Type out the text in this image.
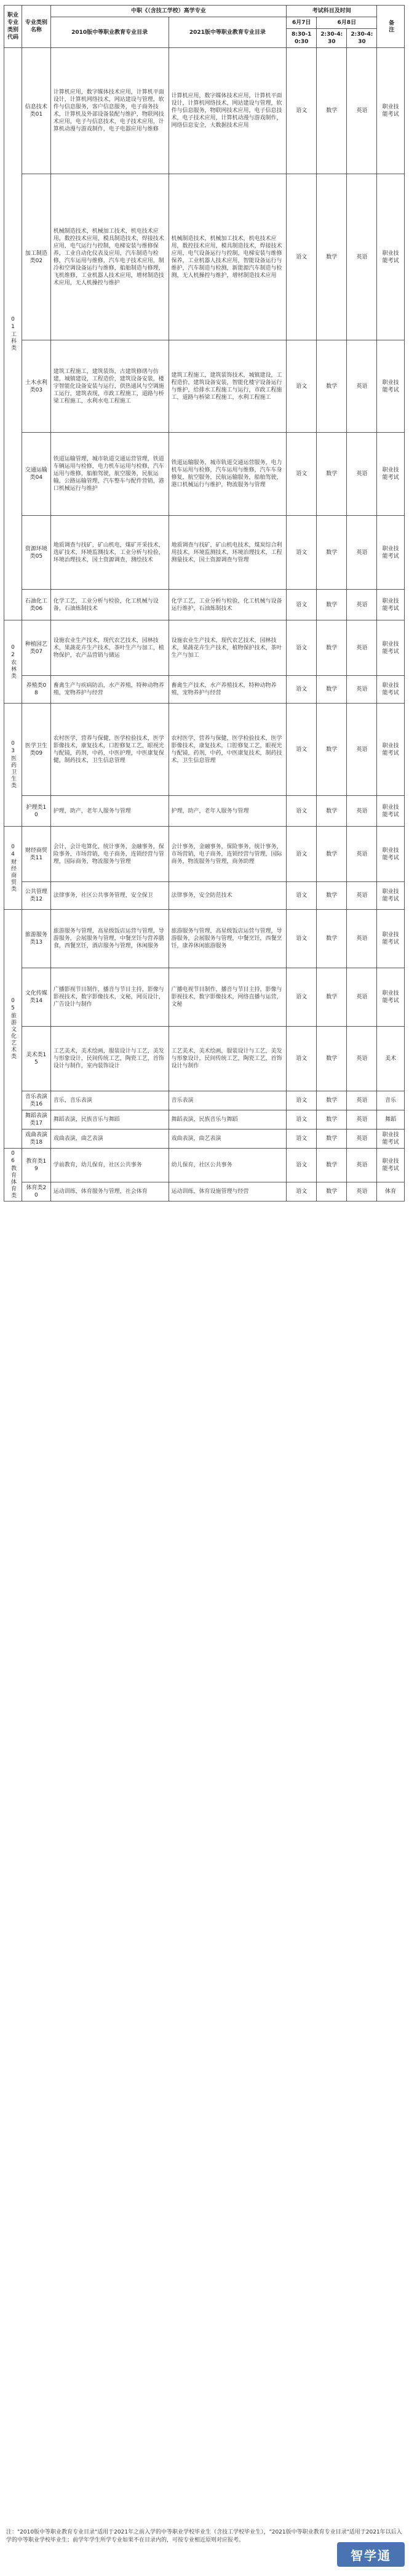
职业专业类别代码	专业类别名称	中职《（含技工学校）高学专业		考试科目及时间			备注

		2010版中等职业教育专业目录	2021版中等职业教育专业目录	6月7日	6月8日		
				8:30-10:30	2:30-4:30	2:30-4:30	

01工科类	信息技术类01	计算机应用，数字媒体技术应用，计算机平面设计，计算机网络技术，网站建设与管理，软件与信息服务，客户信息服务，电子商务技术，计算机及外部设备装配与维护，物联网技术应用，电子与信息技术，电子技术应用，计算机动漫与游戏制作，电子电器应用与维修	计算机应用，数字媒体技术应用，计算机平面设计，计算机网络技术，网站建设与管理，软件与信息服务，物联网技术应用，电子信息技术，电子技术应用，计算机动漫与游戏制作，网络信息安全，大数据技术应用	语文	数学	英语	职业技能考试
	加工制造类02	机械制造技术，机械加工技术，机电技术应用，数控技术应用，模具制造技术，焊接技术应用，电气运行与控制，电梯安装与维修保养，工业自动化仪表及应用，汽车制造与检修，汽车运用与维修，汽车电子技术应用，制冷和空调设备运行与维修，船舶制造与修理，飞机维修，工业机器人技术应用，增材制造技术应用，无人机操控与维护	机械制造技术，机械加工技术，机电技术应用，数控技术应用，模具制造技术，焊接技术应用，电气设备运行与控制，电梯安装与维修保养，工业机器人技术应用，智能设备运行与维护，汽车制造与检测，新能源汽车制造与检测，无人机操控与维护，增材制造技术应用	语文	数学	英语	职业技能考试
	土木水利类03	建筑工程施工，建筑装饰，古建筑修缮与仿建，城镇建设，工程造价，建筑设备安装，楼宇智能化设备安装与运行，供热通风与空调施工运行，建筑表现，市政工程施工，道路与桥梁工程施工，水利水电工程施工	建筑工程施工，建筑装饰技术，城镇建设，工程造价，建筑设备安装，智能化楼宇设备运行与维护，给排水工程施工与运行，市政工程施工，道路与桥梁工程施工，水利工程施工	语文	数学	英语	职业技能考试
	交通运输类04	铁道运输管理，城市轨道交通运营管理，铁道车辆运用与检修，电力机车运用与检修，汽车运用与维修，船舶驾驶，航空服务，民航运输，公路运输管理，汽车整车与配件营销，港口机械运行与维护	铁道运输服务，城市轨道交通运营服务，电力机车运用与检修，汽车运用与维修，汽车车身修复，航空服务，民航运输服务，船舶驾驶，港口机械运行与维护，物流服务与管理	语文	数学	英语	职业技能考试
	资源环境类05	地质调查与找矿，矿山机电，煤矿开采技术，选矿技术，环境监测技术，工业分析与检验，环境治理技术，国土资源调查，测绘技术	地质调查与找矿，矿山机电技术，煤炭综合利用技术，环境监测技术，环境治理技术，工程测量技术，国土资源调查与管理	语文	数学	英语	职业技能考试
	石油化工类06	化学工艺，工业分析与检验，化工机械与设备，石油炼制技术	化学工艺，工业分析与检验，化工机械与设备运行维护，石油炼制技术	语文	数学	英语	职业技能考试

02农林类	种植园艺类07	设施农业生产技术，现代农艺技术，园林技术，果蔬花卉生产技术，茶叶生产与加工，植物保护，农产品营销与储运	设施农业生产技术，现代农艺技术，园林技术，果蔬花卉生产技术，植物保护技术，茶叶生产与加工	语文	数学	英语	职业技能考试
	养殖类08	畜禽生产与疾病防治，水产养殖，特种动物养殖，宠物养护与经营	畜禽生产技术，水产养殖技术，特种动物养殖，宠物养护与经营	语文	数学	英语	职业技能考试

03医药卫生类	医学卫生类09	农村医学，营养与保健，医学检验技术，医学影像技术，康复技术，口腔修复工艺，眼视光与配镜，药剂，中药，中医护理，中医康复保健，制药技术，卫生信息管理	农村医学，营养与保健，医学检验技术，医学影像技术，康复技术，口腔修复工艺，眼视光与配镜，药剂，中药，中医康复技术，制药技术，卫生信息管理	语文	数学	英语	职业技能考试
	护理类10	护理，助产，老年人服务与管理	护理，助产，老年人服务与管理	语文	数学	英语	职业技能考试

04财经商贸类	财经商贸类11	会计，会计电算化，统计事务，金融事务，保险事务，市场营销，电子商务，连锁经营与管理，国际商务，物流服务与管理	会计事务，金融事务，保险事务，统计事务，市场营销，电子商务，连锁经营与管理，国际商务，物流服务与管理，商务助理	语文	数学	英语	职业技能考试
	公共管理类12	法律事务，社区公共事务管理，安全保卫	法律事务，安全防范技术	语文	数学	英语	职业技能考试

05旅游文化艺术类	旅游服务类13	旅游服务与管理，高星级饭店运营与管理，导游服务，会展服务与管理，中餐烹饪与营养膳食，西餐烹饪，酒店服务与管理，休闲服务	旅游服务与管理，高星级饭店运营与管理，导游服务，会展服务与管理，中餐烹饪，西餐烹饪，康养休闲旅游服务	语文	数学	英语	职业技能考试
	文化传媒类14	广播影视节目制作，播音与节目主持，影像与影视技术，数字影像技术，文秘，网页设计，广告设计与制作	广播电视节目制作，播音与节目主持，影像与影视技术，数字影像技术，网络直播与运营，文秘	语文	数学	英语	职业技能考试
	美术类15	工艺美术，美术绘画，服装设计与工艺，美发与形象设计，民间传统工艺，陶瓷工艺，首饰设计与制作，室内装饰设计	工艺美术，美术绘画，服装设计与工艺，美发与形象设计，民间传统工艺，陶瓷工艺，首饰设计与制作	语文	数学	英语	美术
	音乐表演类16	音乐，音乐表演	音乐表演	语文	数学	英语	音乐
	舞蹈表演类17	舞蹈表演，民族音乐与舞蹈	舞蹈表演，民族音乐与舞蹈	语文	数学	英语	舞蹈
	戏曲表演类18	戏曲表演，曲艺表演	戏曲表演，曲艺表演	语文	数学	英语	职业技能考试

06教育体育类	教育类19	学前教育，幼儿保育，社区公共事务	幼儿保育，社区公共事务	语文	数学	英语	职业技能考试
	体育类20	运动训练，体育服务与管理，社会体育	运动训练，体育设施管理与经营	语文	数学	英语	体育
注："2010版中等职业教育专业目录"适用于2021年之前入学的中等职业学校毕业生（含技工学校毕业生），"2021版中等职业教育专业目录"适用于2021年以后入学的中等职业学校毕业生；前学年学生所学专业如果不在目录内的，可按专业相近原则对应报考。
智学通
